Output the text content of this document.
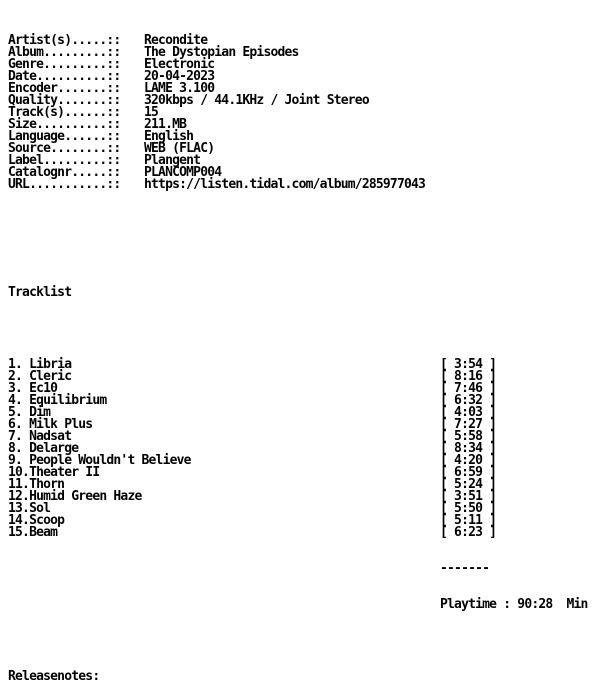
Artist(s).....::	Recondite
Album.........::	The Dystopian Episodes
Genre.........::	Electronic
Date..........::	20-04-2023
Encoder.......::	LAME 3.100
Quality.......::	320kbps / 44.1KHz / Joint Stereo
Track(s)......::	15
Size..........::	211.MB
Language......::	English
Source........::	WEB (FLAC)
Label.........::	Plangent
Catalognr.....::	PLANCOMP004
URL...........::	https://listen.tidal.com/album/285977043

Tracklist

1. Libria	[ 3:54 ]
2. Cleric	[ 8:16 ]
3. Ec10	[ 7:46 ]
4. Equilibrium	[ 6:32 ]
5. Dim	[ 4:03 ]
6. Milk Plus	[ 7:27 ]
7. Nadsat	[ 5:58 ]
8. Delarge	[ 8:34 ]
9. People Wouldn't Believe	[ 4:20 ]
10.Theater II	[ 6:59 ]
11.Thorn	[ 5:24 ]
12.Humid Green Haze	[ 3:51 ]
13.Sol	[ 5:50 ]
14.Scoop	[ 5:11 ]
15.Beam	[ 6:23 ]

-------

Playtime : 90:28  Min

Releasenotes:
